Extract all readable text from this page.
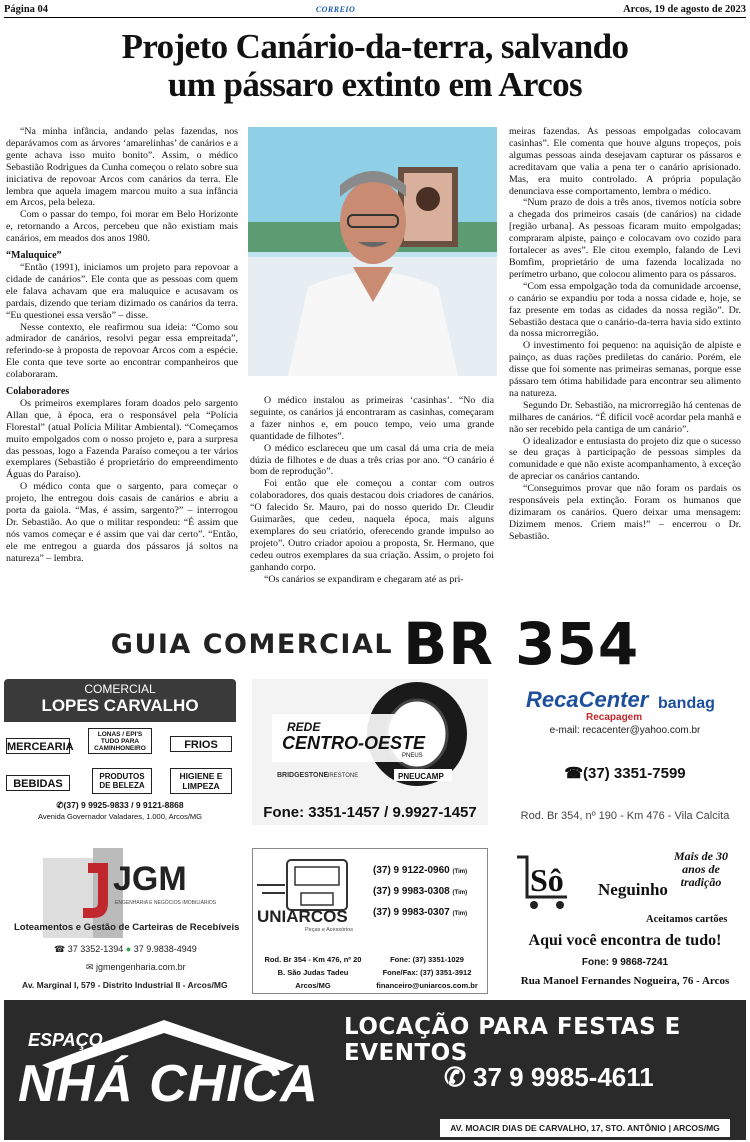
Página 04	CORREIO	Arcos, 19 de agosto de 2023
Projeto Canário-da-terra, salvando
um pássaro extinto em Arcos

“Na minha infância, andando pelas fazendas, nos deparávamos com as árvores ‘amarelinhas’ de canários e a gente achava isso muito bonito”. Assim, o médico Sebastião Rodrigues da Cunha começou o relato sobre sua iniciativa de repovoar Arcos com canários da terra. Ele lembra que aquela imagem marcou muito a sua infância em Arcos, pela beleza.

Com o passar do tempo, foi morar em Belo Horizonte e, retornando a Arcos, percebeu que não existiam mais canários, em meados dos anos 1980.

“Maluquice”

“Então (1991), iniciamos um projeto para repovoar a cidade de canários”. Ele conta que as pessoas com quem ele falava achavam que era maluquice e acusavam os pardais, dizendo que teriam dizimado os canários da terra. “Eu questionei essa versão” – disse.

Nesse contexto, ele reafirmou sua ideia: “Como sou admirador de canários, resolvi pegar essa empreitada”, referindo-se à proposta de repovoar Arcos com a espécie. Ele conta que teve sorte ao encontrar companheiros que colaboraram.

Colaboradores

Os primeiros exemplares foram doados pelo sargento Allan que, à época, era o responsável pela “Polícia Florestal” (atual Polícia Militar Ambiental). “Começamos muito empolgados com o nosso projeto e, para a surpresa das pessoas, logo a Fazenda Paraíso começou a ter vários exemplares (Sebastião é proprietário do empreendimento Águas do Paraíso).

O médico conta que o sargento, para começar o projeto, lhe entregou dois casais de canários e abriu a porta da gaiola. “Mas, é assim, sargento?” – interrogou Dr. Sebastião. Ao que o militar respondeu: “É assim que nós vamos começar e é assim que vai dar certo”. “Então, ele me entregou a guarda dos pássaros já soltos na natureza” – lembra.

O médico instalou as primeiras ‘casinhas’. “No dia seguinte, os canários já encontraram as casinhas, começaram a fazer ninhos e, em pouco tempo, veio uma grande quantidade de filhotes”.

O médico esclareceu que um casal dá uma cria de meia dúzia de filhotes e de duas a três crias por ano. “O canário é bom de reprodução”.

Foi então que ele começou a contar com outros colaboradores, dos quais destacou dois criadores de canários. “O falecido Sr. Mauro, pai do nosso querido Dr. Cleudir Guimarães, que cedeu, naquela época, mais alguns exemplares do seu criatório, oferecendo grande impulso ao projeto”. Outro criador apoiou a proposta, Sr. Hermano, que cedeu outros exemplares da sua criação. Assim, o projeto foi ganhando corpo.

“Os canários se expandiram e chegaram até as pri-

meiras fazendas. As pessoas empolgadas colocavam casinhas”. Ele comenta que houve alguns tropeços, pois algumas pessoas ainda desejavam capturar os pássaros e acreditavam que valia a pena ter o canário aprisionado. Mas, era muito controlado. A própria população denunciava esse comportamento, lembra o médico.

“Num prazo de dois a três anos, tivemos notícia sobre a chegada dos primeiros casais (de canários) na cidade [região urbana]. As pessoas ficaram muito empolgadas; compraram alpiste, painço e colocavam ovo cozido para fortalecer as aves”. Ele citou exemplo, falando de Levi Bomfim, proprietário de uma fazenda localizada no perímetro urbano, que colocou alimento para os pássaros.

“Com essa empolgação toda da comunidade arcoense, o canário se expandiu por toda a nossa cidade e, hoje, se faz presente em todas as cidades da nossa região”. Dr. Sebastião destaca que o canário-da-terra havia sido extinto da nossa microrregião.

O investimento foi pequeno: na aquisição de alpiste e painço, as duas rações prediletas do canário. Porém, ele disse que foi somente nas primeiras semanas, porque esse pássaro tem ótima habilidade para encontrar seu alimento na natureza.

Segundo Dr. Sebastião, na microrregião há centenas de milhares de canários. “É difícil você acordar pela manhã e não ser recebido pela cantiga de um canário”.

O idealizador e entusiasta do projeto diz que o sucesso se deu graças à participação de pessoas simples da comunidade e que não existe acompanhamento, à exceção de apreciar os canários cantando.

“Conseguimos provar que não foram os pardais os responsáveis pela extinção. Foram os humanos que dizimaram os canários. Quero deixar uma mensagem: Dizimem menos. Criem mais!” – encerrou o Dr. Sebastião.

GUIA COMERCIAL BR 354
COMERCIAL
LOPES CARVALHO
MERCEARIA
LONAS / EPI'S TUDO PARA CAMINHONEIRO	FRIOS
BEBIDAS
PRODUTOS DE BELEZA
HIGIENE E LIMPEZA
✆(37) 9 9925-9833 / 9 9121-8868
Avenida Governador Valadares, 1.000, Arcos/MG
REDE
CENTRO-OESTE
PNEUS
BRIDGESTONE
FIRESTONE	PNEUCAMP
Fone: 3351-1457 / 9.9927-1457
RecaCenter
Recapagem
bandag
e-mail: recacenter@yahoo.com.br
☎(37) 3351-7599
Rod. Br 354, nº 190 - Km 476 - Vila Calcita
JGM
ENGENHARIA E NEGÓCIOS IMOBILIÁRIOS
Loteamentos e Gestão de Carteiras de Recebíveis
☎ 37 3352-1394 ● 37 9.9838-4949
✉ jgmengenharia.com.br
Av. Marginal I, 579 - Distrito Industrial II - Arcos/MG
UNIARCOS
Peças e Acessórios
(37) 9 9122-0960 (Tim)
(37) 9 9983-0308 (Tim)
(37) 9 9983-0307 (Tim)
Rod. Br 354 - Km 476, nº 20
B. São Judas Tadeu
Arcos/MG
Fone: (37) 3351-1029
Fone/Fax: (37) 3351-3912
financeiro@uniarcos.com.br
Sô Neguinho
Mais de 30 anos de tradição
Aceitamos cartões
Aqui você encontra de tudo!
Fone: 9 9868-7241
Rua Manoel Fernandes Nogueira, 76 - Arcos
ESPAÇO
NHÁ CHICA
LOCAÇÃO PARA FESTAS E EVENTOS
✆ 37 9 9985-4611
AV. MOACIR DIAS DE CARVALHO, 17, STO. ANTÔNIO | ARCOS/MG
